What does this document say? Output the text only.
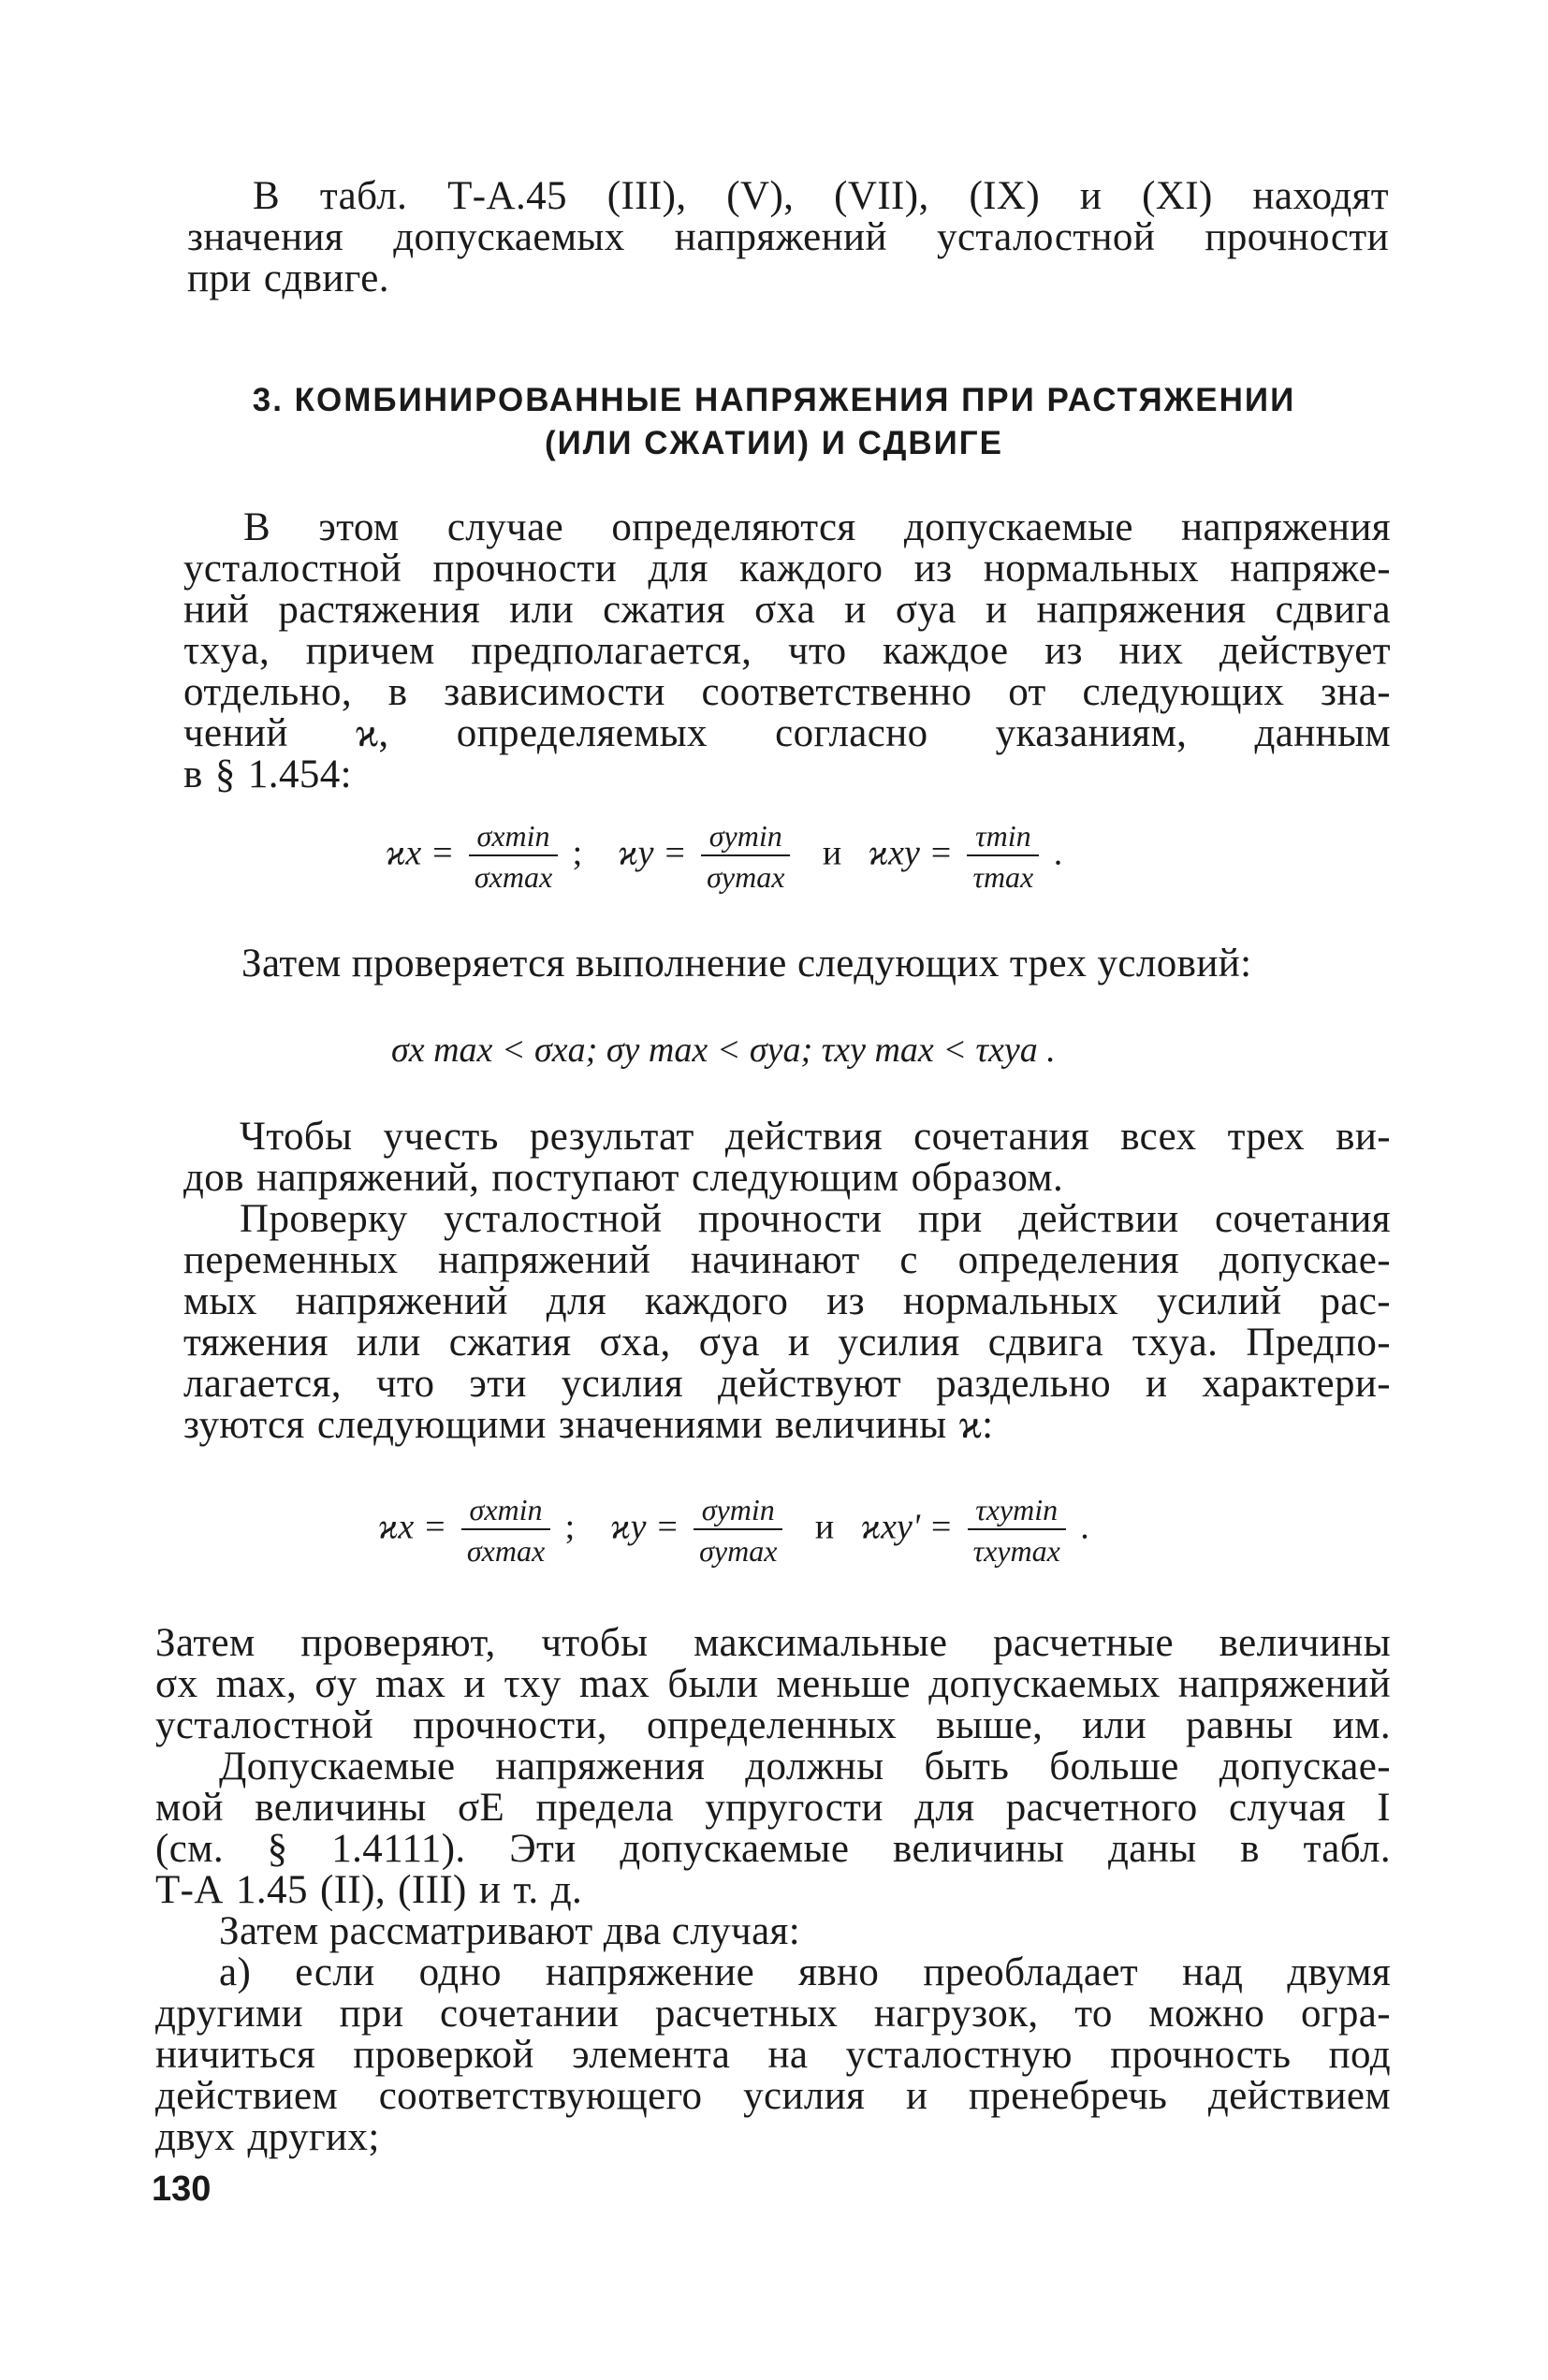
В табл. Т-А.45 (III), (V), (VII), (IX) и (XI) находят
значения допускаемых напряжений усталостной прочности
при сдвиге.
3. КОМБИНИРОВАННЫЕ НАПРЯЖЕНИЯ ПРИ РАСТЯЖЕНИИ
(ИЛИ СЖАТИИ) И СДВИГЕ
В этом случае определяются допускаемые напряжения
усталостной прочности для каждого из нормальных напряже-
ний растяжения или сжатия σxa и σya и напряжения сдвига
τxya, причем предполагается, что каждое из них действует
отдельно, в зависимости соответственно от следующих зна-
чений ϰ, определяемых согласно указаниям, данным
в § 1.454:
$ϰx = \frac{\sigma xmin}{\sigma xmax}$ ; $ϰy = \frac{\sigma ymin}{\sigma ymax}$ и $ϰxy = \frac{\tau\min}{\tau\max}$ .
Затем проверяется выполнение следующих трех условий:
σx max < σxa; σy max < σya; τxy max < τxya .
Чтобы учесть результат действия сочетания всех трех ви-
дов напряжений, поступают следующим образом.
Проверку усталостной прочности при действии сочетания
переменных напряжений начинают с определения допускае-
мых напряжений для каждого из нормальных усилий рас-
тяжения или сжатия σxa, σya и усилия сдвига τxya. Предпо-
лагается, что эти усилия действуют раздельно и характери-
зуются следующими значениями величины ϰ:
$ϰx = \frac{\sigma xmin}{\sigma xmax}$ ; $ϰy = \frac{\sigma ymin}{\sigma ymax}$ и $ϰxy' = \frac{\text{τxymin}}{\text{τxymax}}$ .
Затем проверяют, чтобы максимальные расчетные величины
σx max, σy max и τxy max были меньше допускаемых напряжений
усталостной прочности, определенных выше, или равны им.
Допускаемые напряжения должны быть больше допускае-
мой величины σE предела упругости для расчетного случая I
(см. § 1.4111). Эти допускаемые величины даны в табл.
Т-А 1.45 (II), (III) и т. д.
Затем рассматривают два случая:
а) если одно напряжение явно преобладает над двумя
другими при сочетании расчетных нагрузок, то можно огра-
ничиться проверкой элемента на усталостную прочность под
действием соответствующего усилия и пренебречь действием
двух других;
130
